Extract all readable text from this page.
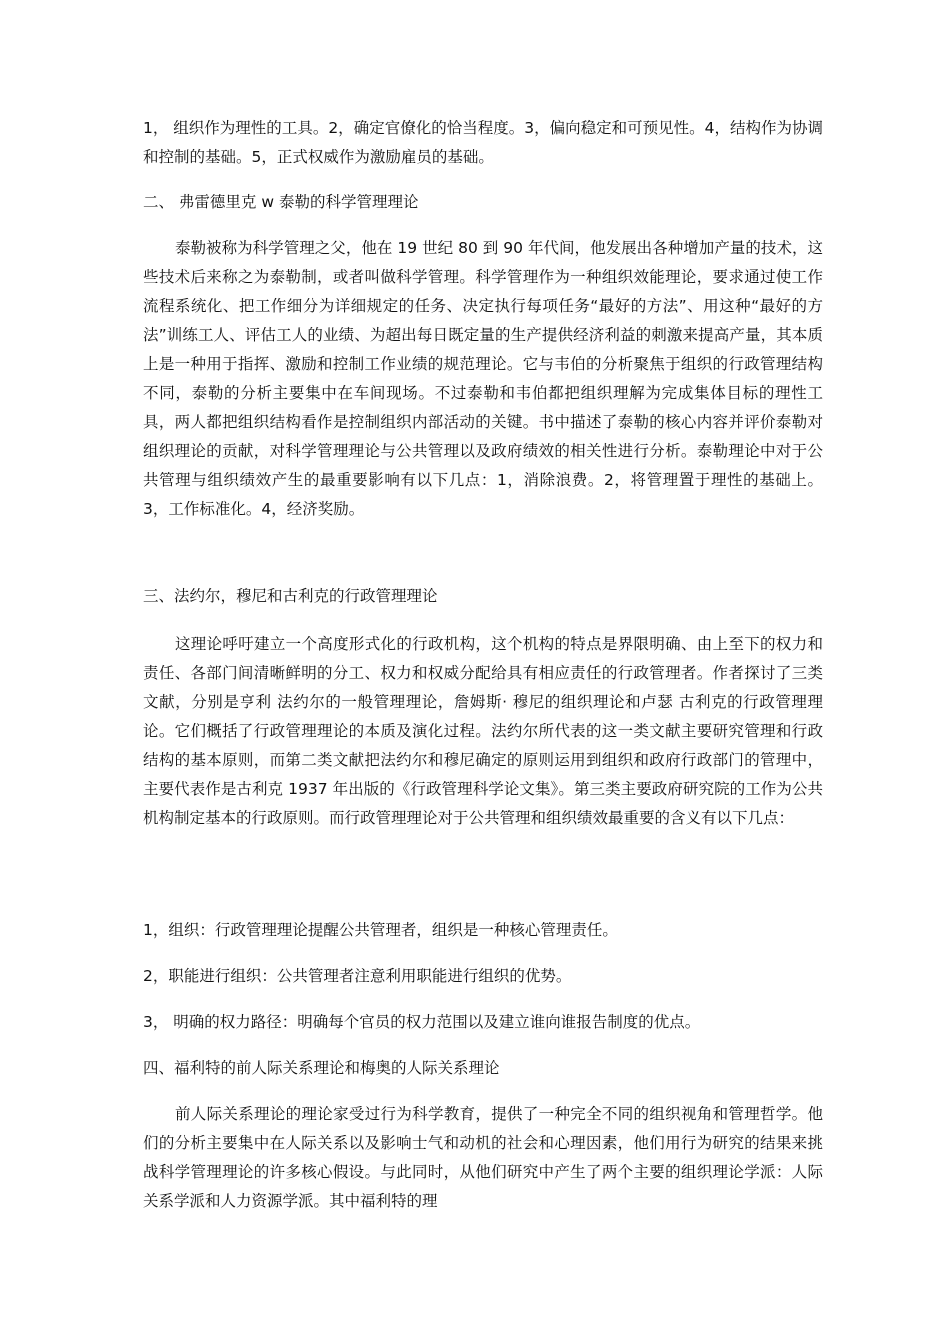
1， 组织作为理性的工具。2，确定官僚化的恰当程度。3，偏向稳定和可预见性。4，结构作为协调和控制的基础。5，正式权威作为激励雇员的基础。
二、 弗雷德里克 w 泰勒的科学管理理论
泰勒被称为科学管理之父，他在 19 世纪 80 到 90 年代间，他发展出各种增加产量的技术，这些技术后来称之为泰勒制，或者叫做科学管理。科学管理作为一种组织效能理论，要求通过使工作流程系统化、把工作细分为详细规定的任务、决定执行每项任务“最好的方法”、用这种“最好的方法”训练工人、评估工人的业绩、为超出每日既定量的生产提供经济利益的刺激来提高产量，其本质上是一种用于指挥、激励和控制工作业绩的规范理论。它与韦伯的分析聚焦于组织的行政管理结构不同，泰勒的分析主要集中在车间现场。不过泰勒和韦伯都把组织理解为完成集体目标的理性工具，两人都把组织结构看作是控制组织内部活动的关键。书中描述了泰勒的核心内容并评价泰勒对组织理论的贡献，对科学管理理论与公共管理以及政府绩效的相关性进行分析。泰勒理论中对于公共管理与组织绩效产生的最重要影响有以下几点：1，消除浪费。2，将管理置于理性的基础上。3，工作标准化。4，经济奖励。
三、法约尔，穆尼和古利克的行政管理理论
这理论呼吁建立一个高度形式化的行政机构，这个机构的特点是界限明确、由上至下的权力和责任、各部门间清晰鲜明的分工、权力和权威分配给具有相应责任的行政管理者。作者探讨了三类文献，分别是亨利 法约尔的一般管理理论，詹姆斯· 穆尼的组织理论和卢瑟 古利克的行政管理理论。它们概括了行政管理理论的本质及演化过程。法约尔所代表的这一类文献主要研究管理和行政结构的基本原则，而第二类文献把法约尔和穆尼确定的原则运用到组织和政府行政部门的管理中，主要代表作是古利克 1937 年出版的《行政管理科学论文集》。第三类主要政府研究院的工作为公共机构制定基本的行政原则。而行政管理理论对于公共管理和组织绩效最重要的含义有以下几点：
1，组织：行政管理理论提醒公共管理者，组织是一种核心管理责任。
2，职能进行组织：公共管理者注意利用职能进行组织的优势。
3， 明确的权力路径：明确每个官员的权力范围以及建立谁向谁报告制度的优点。
四、福利特的前人际关系理论和梅奥的人际关系理论
前人际关系理论的理论家受过行为科学教育，提供了一种完全不同的组织视角和管理哲学。他们的分析主要集中在人际关系以及影响士气和动机的社会和心理因素，他们用行为研究的结果来挑战科学管理理论的许多核心假设。与此同时，从他们研究中产生了两个主要的组织理论学派：人际关系学派和人力资源学派。其中福利特的理
